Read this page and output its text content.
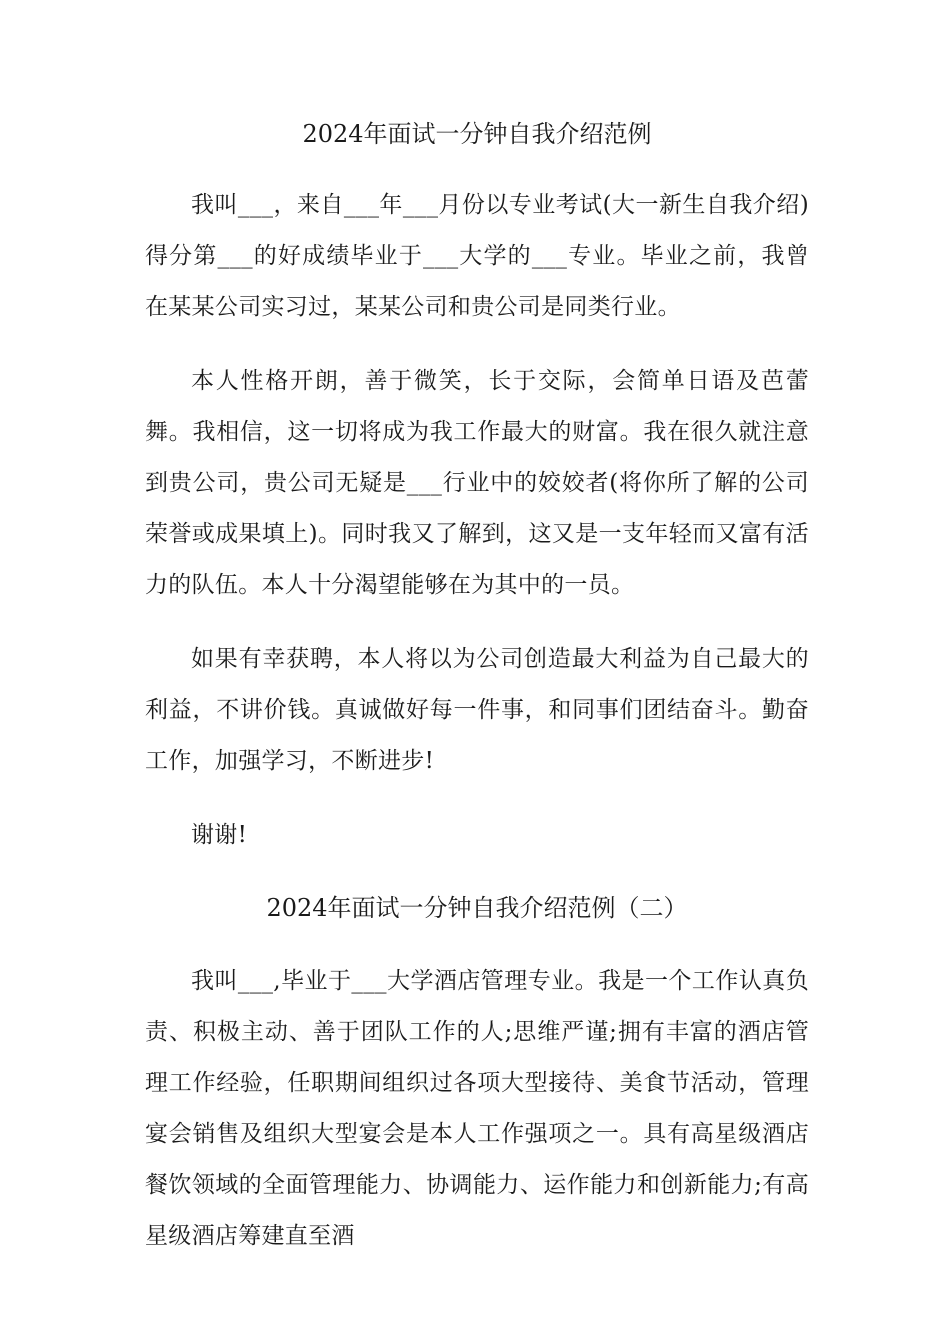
2024年面试一分钟自我介绍范例

我叫___，来自___年___月份以专业考试(大一新生自我介绍)得分第___的好成绩毕业于___大学的___专业。毕业之前，我曾在某某公司实习过，某某公司和贵公司是同类行业。

本人性格开朗，善于微笑，长于交际，会简单日语及芭蕾舞。我相信，这一切将成为我工作最大的财富。我在很久就注意到贵公司，贵公司无疑是___行业中的姣姣者(将你所了解的公司荣誉或成果填上)。同时我又了解到，这又是一支年轻而又富有活力的队伍。本人十分渴望能够在为其中的一员。

如果有幸获聘，本人将以为公司创造最大利益为自己最大的利益，不讲价钱。真诚做好每一件事，和同事们团结奋斗。勤奋工作，加强学习，不断进步!

谢谢!

2024年面试一分钟自我介绍范例（二）

我叫___,毕业于___大学酒店管理专业。我是一个工作认真负责、积极主动、善于团队工作的人;思维严谨;拥有丰富的酒店管理工作经验，任职期间组织过各项大型接待、美食节活动，管理宴会销售及组织大型宴会是本人工作强项之一。具有高星级酒店餐饮领域的全面管理能力、协调能力、运作能力和创新能力;有高星级酒店筹建直至酒
